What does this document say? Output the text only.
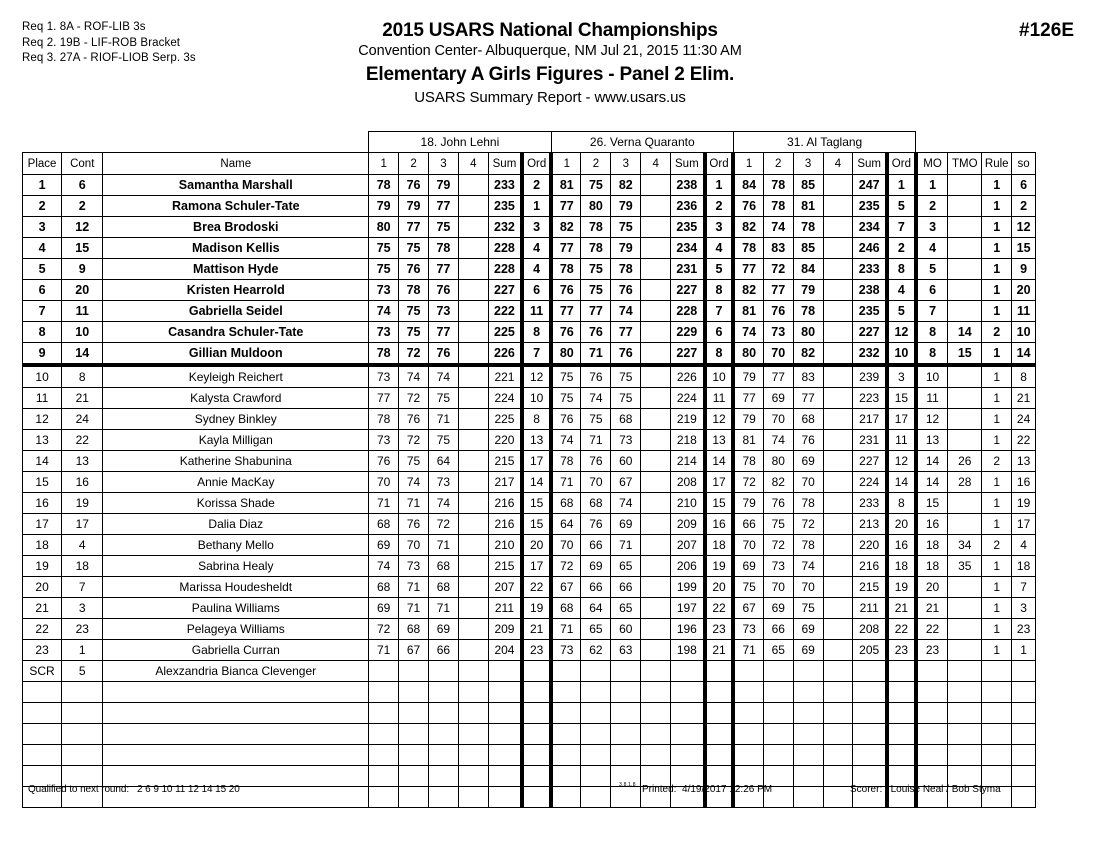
Req 1. 8A - ROF-LIB 3s
Req 2. 19B - LIF-ROB Bracket
Req 3. 27A - RIOF-LIOB Serp. 3s
2015 USARS National Championships
Convention Center- Albuquerque, NM Jul 21, 2015 11:30 AM
Elementary A Girls Figures - Panel 2 Elim.
USARS Summary Report - www.usars.us
#126E
			18. John Lehni						26. Verna Quaranto						31. Al Taglang									
Place	Cont	Name	1	2	3	4	Sum	Ord	1	2	3	4	Sum	Ord	1	2	3	4	Sum	Ord	MO	TMO	Rule	so
1	6	Samantha Marshall	78	76	79		233	2	81	75	82		238	1	84	78	85		247	1	1		1	6
2	2	Ramona Schuler-Tate	79	79	77		235	1	77	80	79		236	2	76	78	81		235	5	2		1	2
3	12	Brea Brodoski	80	77	75		232	3	82	78	75		235	3	82	74	78		234	7	3		1	12
4	15	Madison Kellis	75	75	78		228	4	77	78	79		234	4	78	83	85		246	2	4		1	15
5	9	Mattison Hyde	75	76	77		228	4	78	75	78		231	5	77	72	84		233	8	5		1	9
6	20	Kristen Hearrold	73	78	76		227	6	76	75	76		227	8	82	77	79		238	4	6		1	20
7	11	Gabriella Seidel	74	75	73		222	11	77	77	74		228	7	81	76	78		235	5	7		1	11
8	10	Casandra Schuler-Tate	73	75	77		225	8	76	76	77		229	6	74	73	80		227	12	8	14	2	10
9	14	Gillian Muldoon	78	72	76		226	7	80	71	76		227	8	80	70	82		232	10	8	15	1	14
10	8	Keyleigh Reichert	73	74	74		221	12	75	76	75		226	10	79	77	83		239	3	10		1	8
11	21	Kalysta Crawford	77	72	75		224	10	75	74	75		224	11	77	69	77		223	15	11		1	21
12	24	Sydney Binkley	78	76	71		225	8	76	75	68		219	12	79	70	68		217	17	12		1	24
13	22	Kayla Milligan	73	72	75		220	13	74	71	73		218	13	81	74	76		231	11	13		1	22
14	13	Katherine Shabunina	76	75	64		215	17	78	76	60		214	14	78	80	69		227	12	14	26	2	13
15	16	Annie MacKay	70	74	73		217	14	71	70	67		208	17	72	82	70		224	14	14	28	1	16
16	19	Korissa Shade	71	71	74		216	15	68	68	74		210	15	79	76	78		233	8	15		1	19
17	17	Dalia Diaz	68	76	72		216	15	64	76	69		209	16	66	75	72		213	20	16		1	17
18	4	Bethany Mello	69	70	71		210	20	70	66	71		207	18	70	72	78		220	16	18	34	2	4
19	18	Sabrina Healy	74	73	68		215	17	72	69	65		206	19	69	73	74		216	18	18	35	1	18
20	7	Marissa Houdesheldt	68	71	68		207	22	67	66	66		199	20	75	70	70		215	19	20		1	7
21	3	Paulina Williams	69	71	71		211	19	68	64	65		197	22	67	69	75		211	21	21		1	3
22	23	Pelageya Williams	72	68	69		209	21	71	65	60		196	23	73	66	69		208	22	22		1	23
23	1	Gabriella Curran	71	67	66		204	23	73	62	63		198	21	71	65	69		205	23	23		1	1
SCR	5	Alexzandria Bianca Clevenger																						

Qualified to next round: 2 6 9 10 11 12 14 15 20	3.8.1.8 Printed: 4/19/2017 12:26 PM	Scorer: Louise Neal / Bob Styma
